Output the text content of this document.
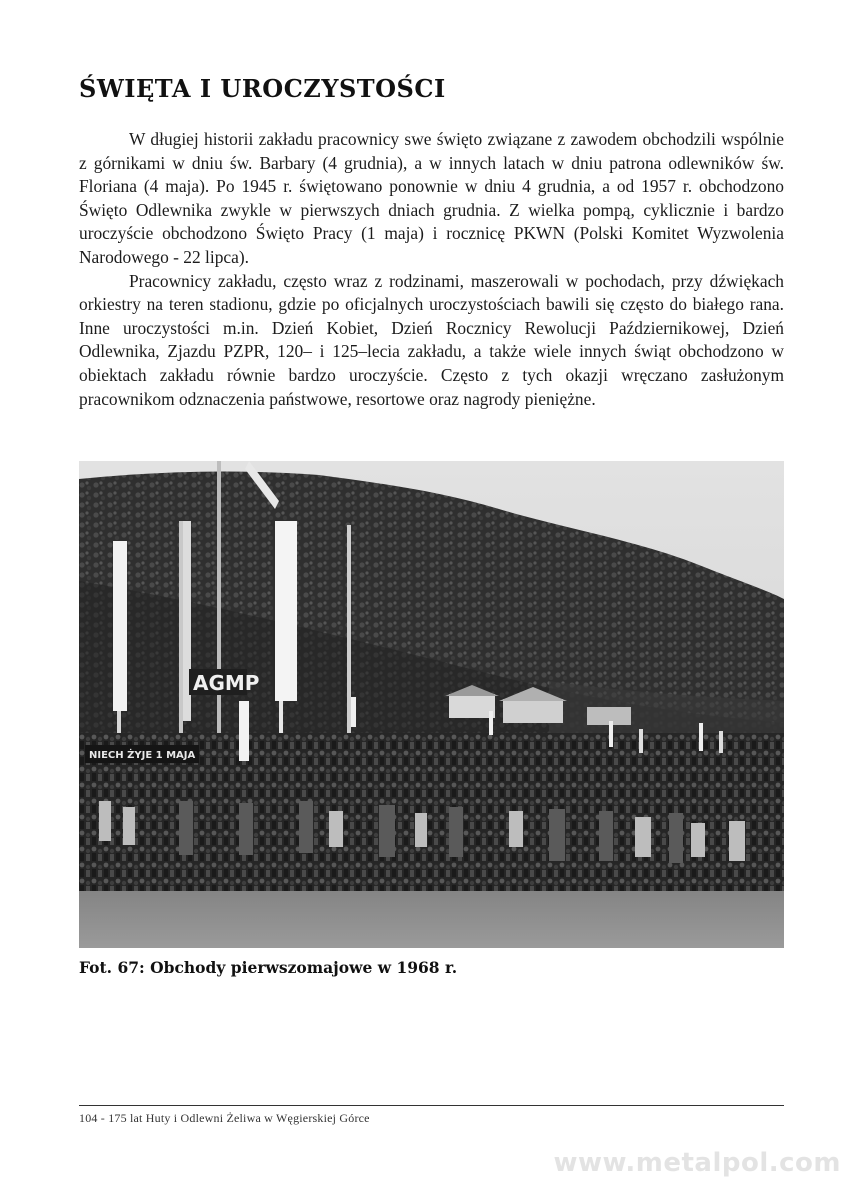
ŚWIĘTA I UROCZYSTOŚCI

W długiej historii zakładu pracownicy swe święto związane z zawodem obchodzili wspólnie z górnikami w dniu św. Barbary (4 grudnia), a w innych latach w dniu patrona odlewników św. Floriana (4 maja). Po 1945 r. świętowano ponownie w dniu 4 grudnia, a od 1957 r. obchodzono Święto Odlewnika zwykle w pierwszych dniach grudnia. Z wielka pompą, cyklicznie i bardzo uroczyście obchodzono Święto Pracy (1 maja) i rocznicę PKWN (Polski Komitet Wyzwolenia Narodowego - 22 lipca).

Pracownicy zakładu, często wraz z rodzinami, maszerowali w pochodach, przy dźwiękach orkiestry na teren stadionu, gdzie po oficjalnych uroczystościach bawili się często do białego rana. Inne uroczystości m.in. Dzień Kobiet, Dzień Rocznicy Rewolucji Październikowej, Dzień Odlewnika, Zjazdu PZPR, 120– i 125–lecia zakładu, a także wiele innych świąt obchodzono w obiektach zakładu równie bardzo uroczyście. Często z tych okazji wręczano zasłużonym pracownikom odznaczenia państwowe, resortowe oraz nagrody pieniężne.

AGMP
NIECH ŻYJE 1 MAJA

Fot. 67: Obchody pierwszomajowe w 1968 r.

104 - 175 lat Huty i Odlewni Żeliwa w Węgierskiej Górce
www.metalpol.com
